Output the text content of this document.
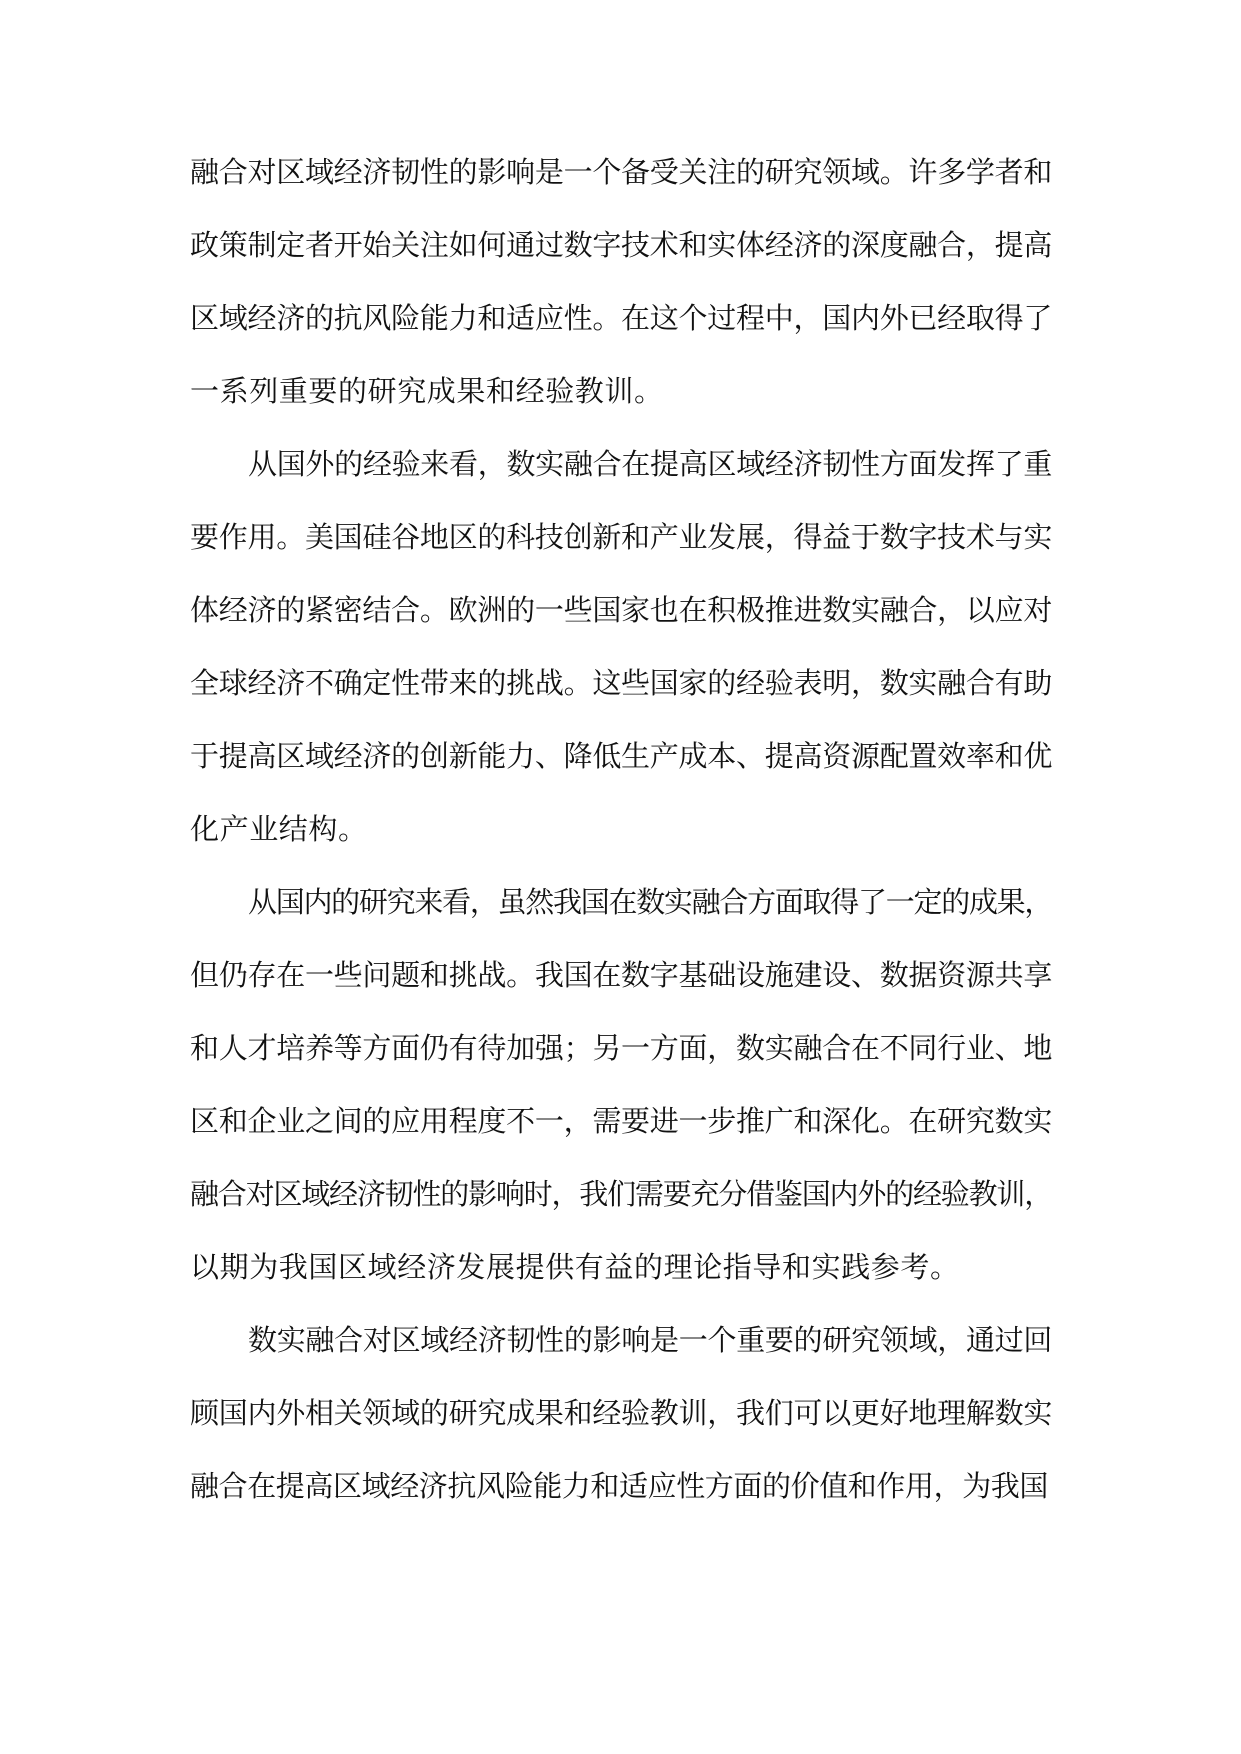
融合对区域经济韧性的影响是一个备受关注的研究领域。许多学者和
政策制定者开始关注如何通过数字技术和实体经济的深度融合，提高
区域经济的抗风险能力和适应性。在这个过程中，国内外已经取得了
一系列重要的研究成果和经验教训。

从国外的经验来看，数实融合在提高区域经济韧性方面发挥了重
要作用。美国硅谷地区的科技创新和产业发展，得益于数字技术与实
体经济的紧密结合。欧洲的一些国家也在积极推进数实融合，以应对
全球经济不确定性带来的挑战。这些国家的经验表明，数实融合有助
于提高区域经济的创新能力、降低生产成本、提高资源配置效率和优
化产业结构。

从国内的研究来看，虽然我国在数实融合方面取得了一定的成果，
但仍存在一些问题和挑战。我国在数字基础设施建设、数据资源共享
和人才培养等方面仍有待加强；另一方面，数实融合在不同行业、地
区和企业之间的应用程度不一，需要进一步推广和深化。在研究数实
融合对区域经济韧性的影响时，我们需要充分借鉴国内外的经验教训，
以期为我国区域经济发展提供有益的理论指导和实践参考。

数实融合对区域经济韧性的影响是一个重要的研究领域，通过回
顾国内外相关领域的研究成果和经验教训，我们可以更好地理解数实
融合在提高区域经济抗风险能力和适应性方面的价值和作用，为我国
